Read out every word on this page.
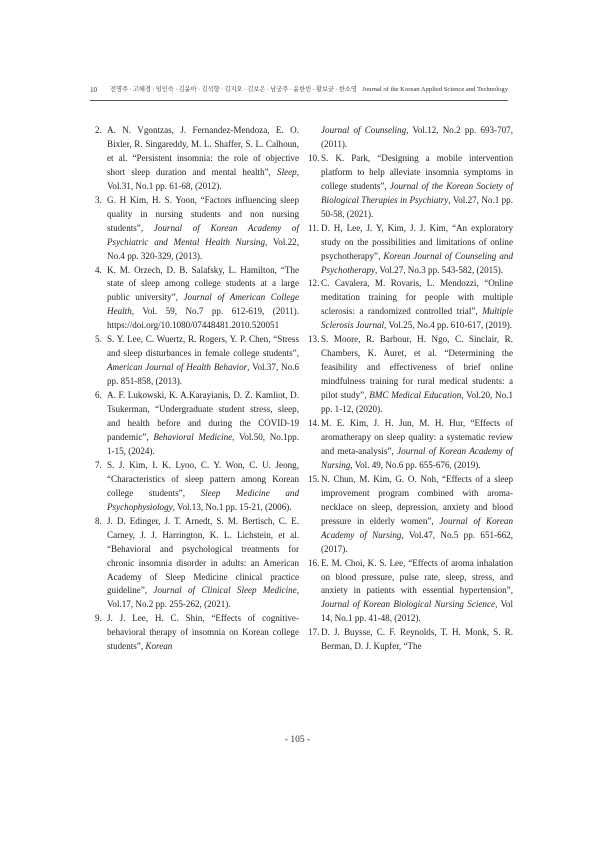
10 전명주 · 고혜경 · 임인숙 · 김윤아 · 김석향 · 김지오 · 김보은 · 남궁주 · 윤한빈 · 황보균 · 한소영 Journal of the Korean Applied Science and Technology

2. A. N. Vgontzas, J. Fernandez-Mendoza, E. O. Bixler, R. Singareddy, M. L. Shaffer, S. L. Calhoun, et al. “Persistent insomnia: the role of objective short sleep duration and mental health”, Sleep, Vol.31, No.1 pp. 61-68, (2012).

3. G. H Kim, H. S. Yoon, “Factors influencing sleep quality in nursing students and non nursing students”, Journal of Korean Academy of Psychiatric and Mental Health Nursing, Vol.22, No.4 pp. 320-329, (2013).

4. K. M. Orzech, D. B. Salafsky, L. Hamilton, “The state of sleep among college students at a large public university”, Journal of American College Health, Vol. 59, No.7 pp. 612-619, (2011). https://doi.org/10.1080/07448481.2010.520051

5. S. Y. Lee, C. Wuertz, R. Rogers, Y. P. Chen, “Stress and sleep disturbances in female college students”, American Journal of Health Behavior, Vol.37, No.6 pp. 851-858, (2013).

6. A. F. Lukowski, K. A.Karayianis, D. Z. Kamliot, D. Tsukerman, “Undergraduate student stress, sleep, and health before and during the COVID-19 pandemic”, Behavioral Medicine, Vol.50, No.1pp. 1-15, (2024).

7. S. J. Kim, I. K. Lyoo, C. Y. Won, C. U. Jeong, “Characteristics of sleep pattern among Korean college students”, Sleep Medicine and Psychophysiology, Vol.13, No.1 pp. 15-21, (2006).

8. J. D. Edinger, J. T. Arnedt, S. M. Bertisch, C. E. Carney, J. J. Harrington, K. L. Lichstein, et al. “Behavioral and psychological treatments for chronic insomnia disorder in adults: an American Academy of Sleep Medicine clinical practice guideline”, Journal of Clinical Sleep Medicine, Vol.17, No.2 pp. 255-262, (2021).

9. J. J. Lee, H. C. Shin, “Effects of cognitive-behavioral therapy of insomnia on Korean college students”, Korean

Journal of Counseling, Vol.12, No.2 pp. 693-707, (2011).

10. S. K. Park, “Designing a mobile intervention platform to help alleviate insomnia symptoms in college students”, Journal of the Korean Society of Biological Therapies in Psychiatry, Vol.27, No.1 pp. 50-58, (2021).

11. D. H, Lee, J. Y, Kim, J. J. Kim, “An exploratory study on the possibilities and limitations of online psychotherapy”, Korean Journal of Counseling and Psychotherapy, Vol.27, No.3 pp. 543-582, (2015).

12. C. Cavalera, M. Rovaris, L. Mendozzi, “Online meditation training for people with multiple sclerosis: a randomized controlled trial”, Multiple Sclerosis Journal, Vol.25, No.4 pp. 610-617, (2019).

13. S. Moore, R. Barbour, H. Ngo, C. Sinclair, R. Chambers, K. Auret, et al. “Determining the feasibility and effectiveness of brief online mindfulness training for rural medical students: a pilot study”, BMC Medical Education, Vol.20, No.1 pp. 1-12, (2020).

14. M. E. Kim, J. H. Jun, M. H. Hur, “Effects of aromatherapy on sleep quality: a systematic review and meta-analysis”, Journal of Korean Academy of Nursing, Vol. 49, No.6 pp. 655-676, (2019).

15. N. Chun, M. Kim, G. O. Noh, “Effects of a sleep improvement program combined with aroma-necklace on sleep, depression, anxiety and blood pressure in elderly women”, Journal of Korean Academy of Nursing, Vol.47, No.5 pp. 651-662, (2017).

16. E. M. Choi, K. S. Lee, “Effects of aroma inhalation on blood pressure, pulse rate, sleep, stress, and anxiety in patients with essential hypertension”, Journal of Korean Biological Nursing Science, Vol 14, No.1 pp. 41-48, (2012).

17. D. J. Buysse, C. F. Reynolds, T. H. Monk, S. R. Berman, D. J. Kupfer, “The

- 105 -
